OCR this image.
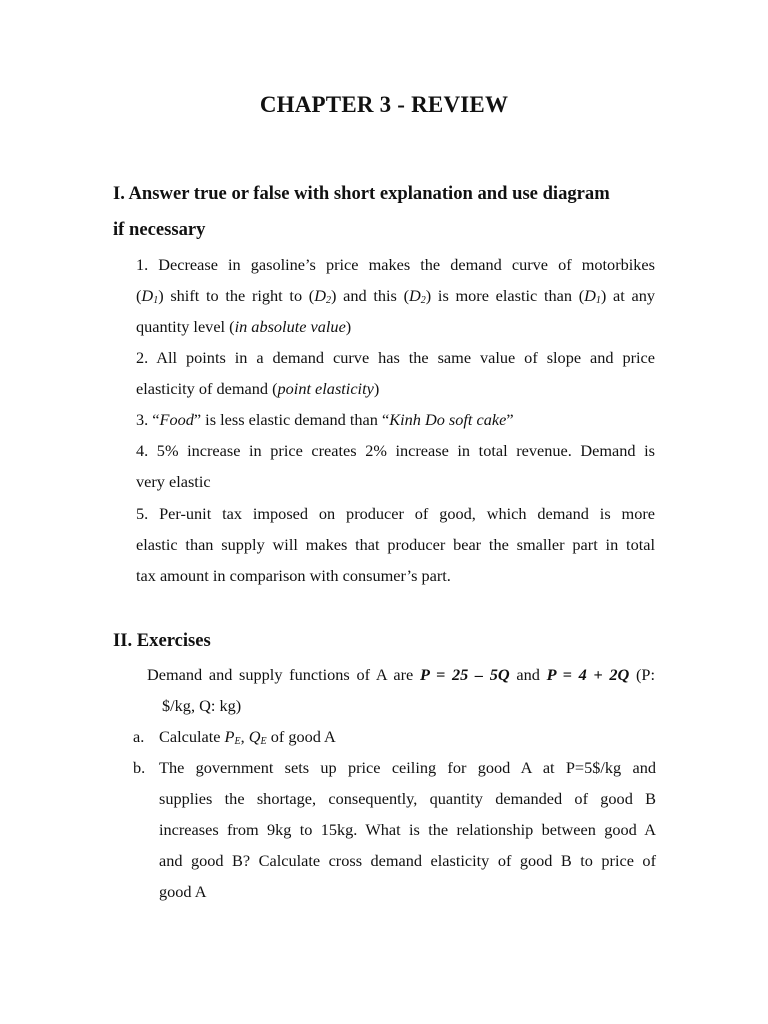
CHAPTER 3 - REVIEW
I. Answer true or false with short explanation and use diagram
if necessary
1. Decrease in gasoline’s price makes the demand curve of motorbikes
$(D_1)$ shift to the right to $(D_2)$ and this $(D_2)$ is more elastic than $(D_1)$ at any
quantity level (in absolute value)
2. All points in a demand curve has the same value of slope and price
elasticity of demand (point elasticity)
3. “Food” is less elastic demand than “Kinh Do soft cake”
4. 5% increase in price creates 2% increase in total revenue. Demand is
very elastic
5. Per-unit tax imposed on producer of good, which demand is more
elastic than supply will makes that producer bear the smaller part in total
tax amount in comparison with consumer’s part.
II. Exercises
Demand and supply functions of A are P = 25 – 5Q and P = 4 + 2Q (P:
$/kg, Q: kg)
a. Calculate $P_E$, $Q_E$ of good A
b. The government sets up price ceiling for good A at P=5$/kg and
supplies the shortage, consequently, quantity demanded of good B
increases from 9kg to 15kg. What is the relationship between good A
and good B? Calculate cross demand elasticity of good B to price of
good A
